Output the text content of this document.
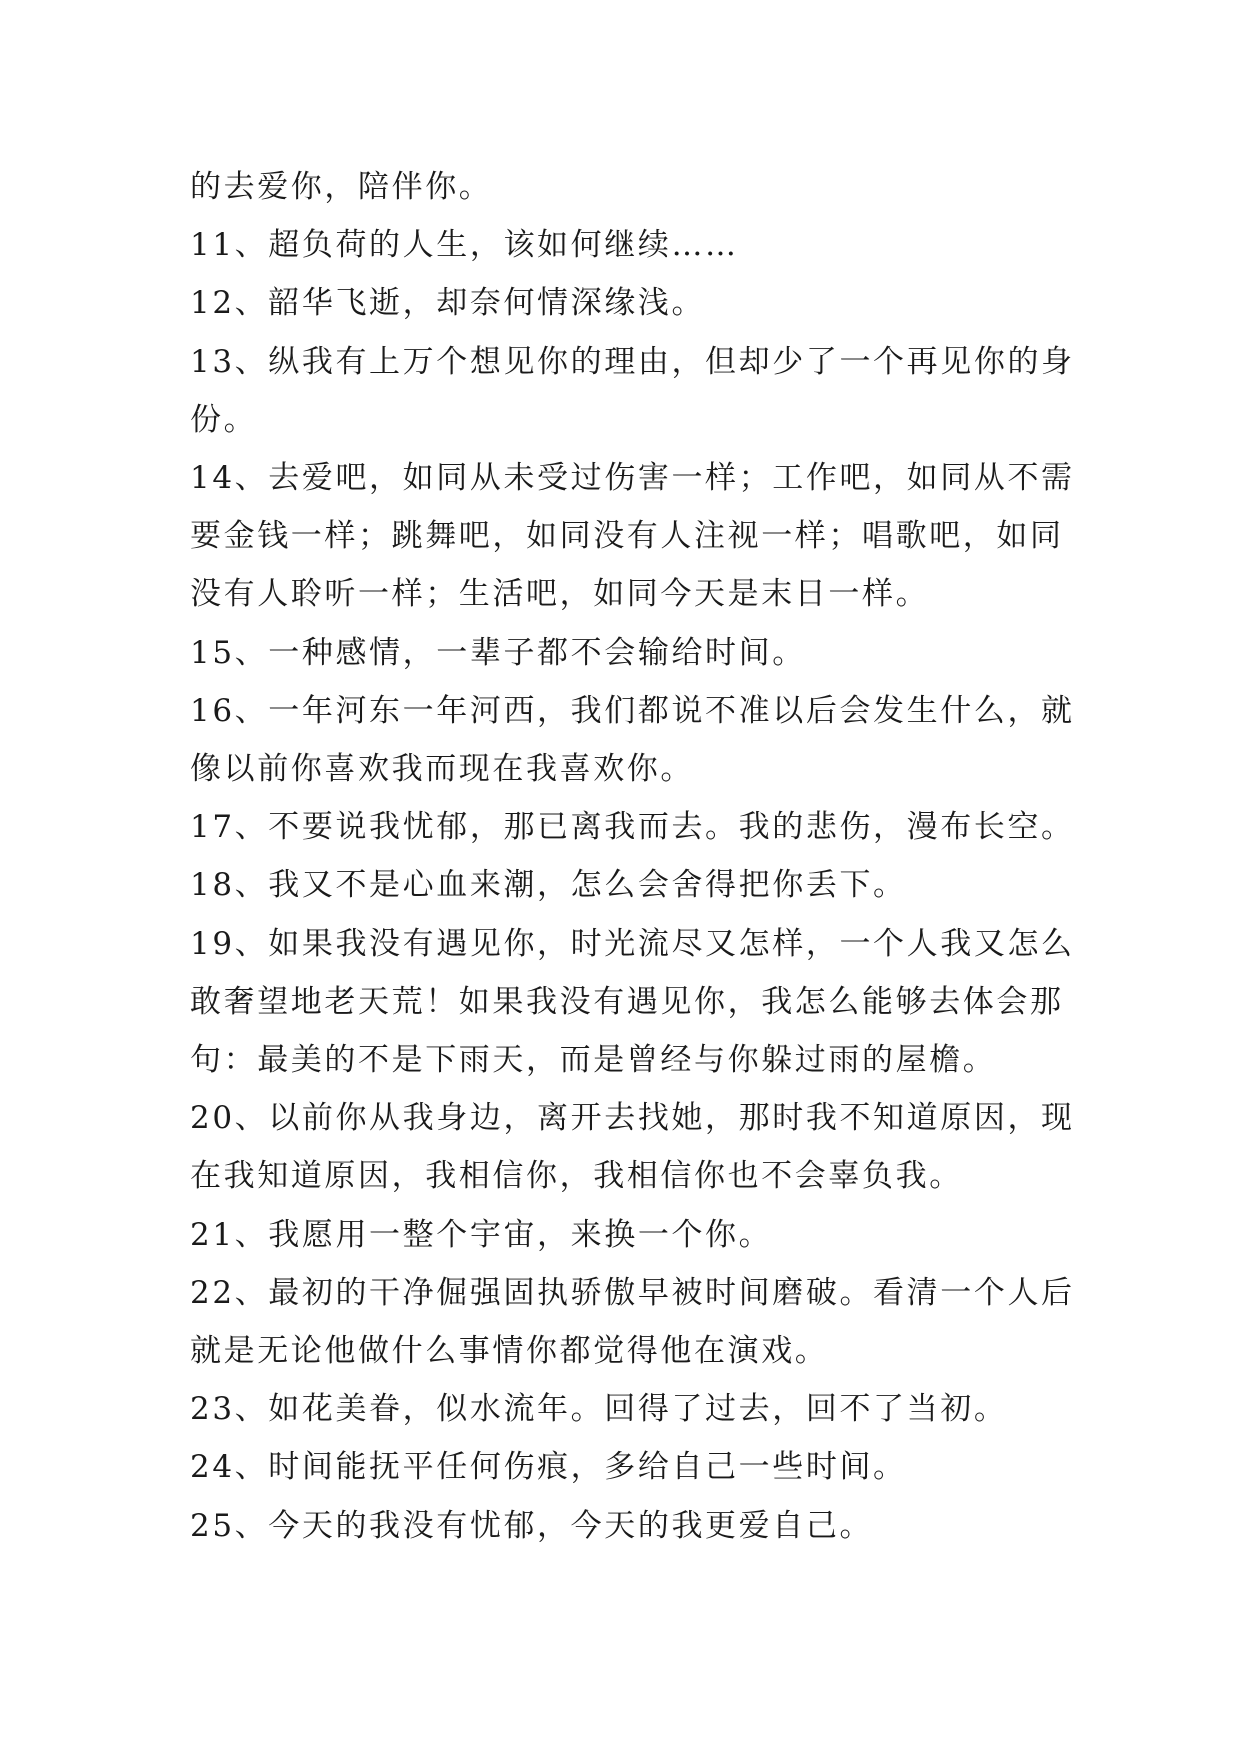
的去爱你，陪伴你。

11、超负荷的人生，该如何继续……

12、韶华飞逝，却奈何情深缘浅。

13、纵我有上万个想见你的理由，但却少了一个再见你的身

份。

14、去爱吧，如同从未受过伤害一样；工作吧，如同从不需

要金钱一样；跳舞吧，如同没有人注视一样；唱歌吧，如同

没有人聆听一样；生活吧，如同今天是末日一样。

15、一种感情，一辈子都不会输给时间。

16、一年河东一年河西，我们都说不准以后会发生什么，就

像以前你喜欢我而现在我喜欢你。

17、不要说我忧郁，那已离我而去。我的悲伤，漫布长空。

18、我又不是心血来潮，怎么会舍得把你丢下。

19、如果我没有遇见你，时光流尽又怎样，一个人我又怎么

敢奢望地老天荒！如果我没有遇见你，我怎么能够去体会那

句：最美的不是下雨天，而是曾经与你躲过雨的屋檐。

20、以前你从我身边，离开去找她，那时我不知道原因，现

在我知道原因，我相信你，我相信你也不会辜负我。

21、我愿用一整个宇宙，来换一个你。

22、最初的干净倔强固执骄傲早被时间磨破。看清一个人后

就是无论他做什么事情你都觉得他在演戏。

23、如花美眷，似水流年。回得了过去，回不了当初。

24、时间能抚平任何伤痕，多给自己一些时间。

25、今天的我没有忧郁，今天的我更爱自己。
